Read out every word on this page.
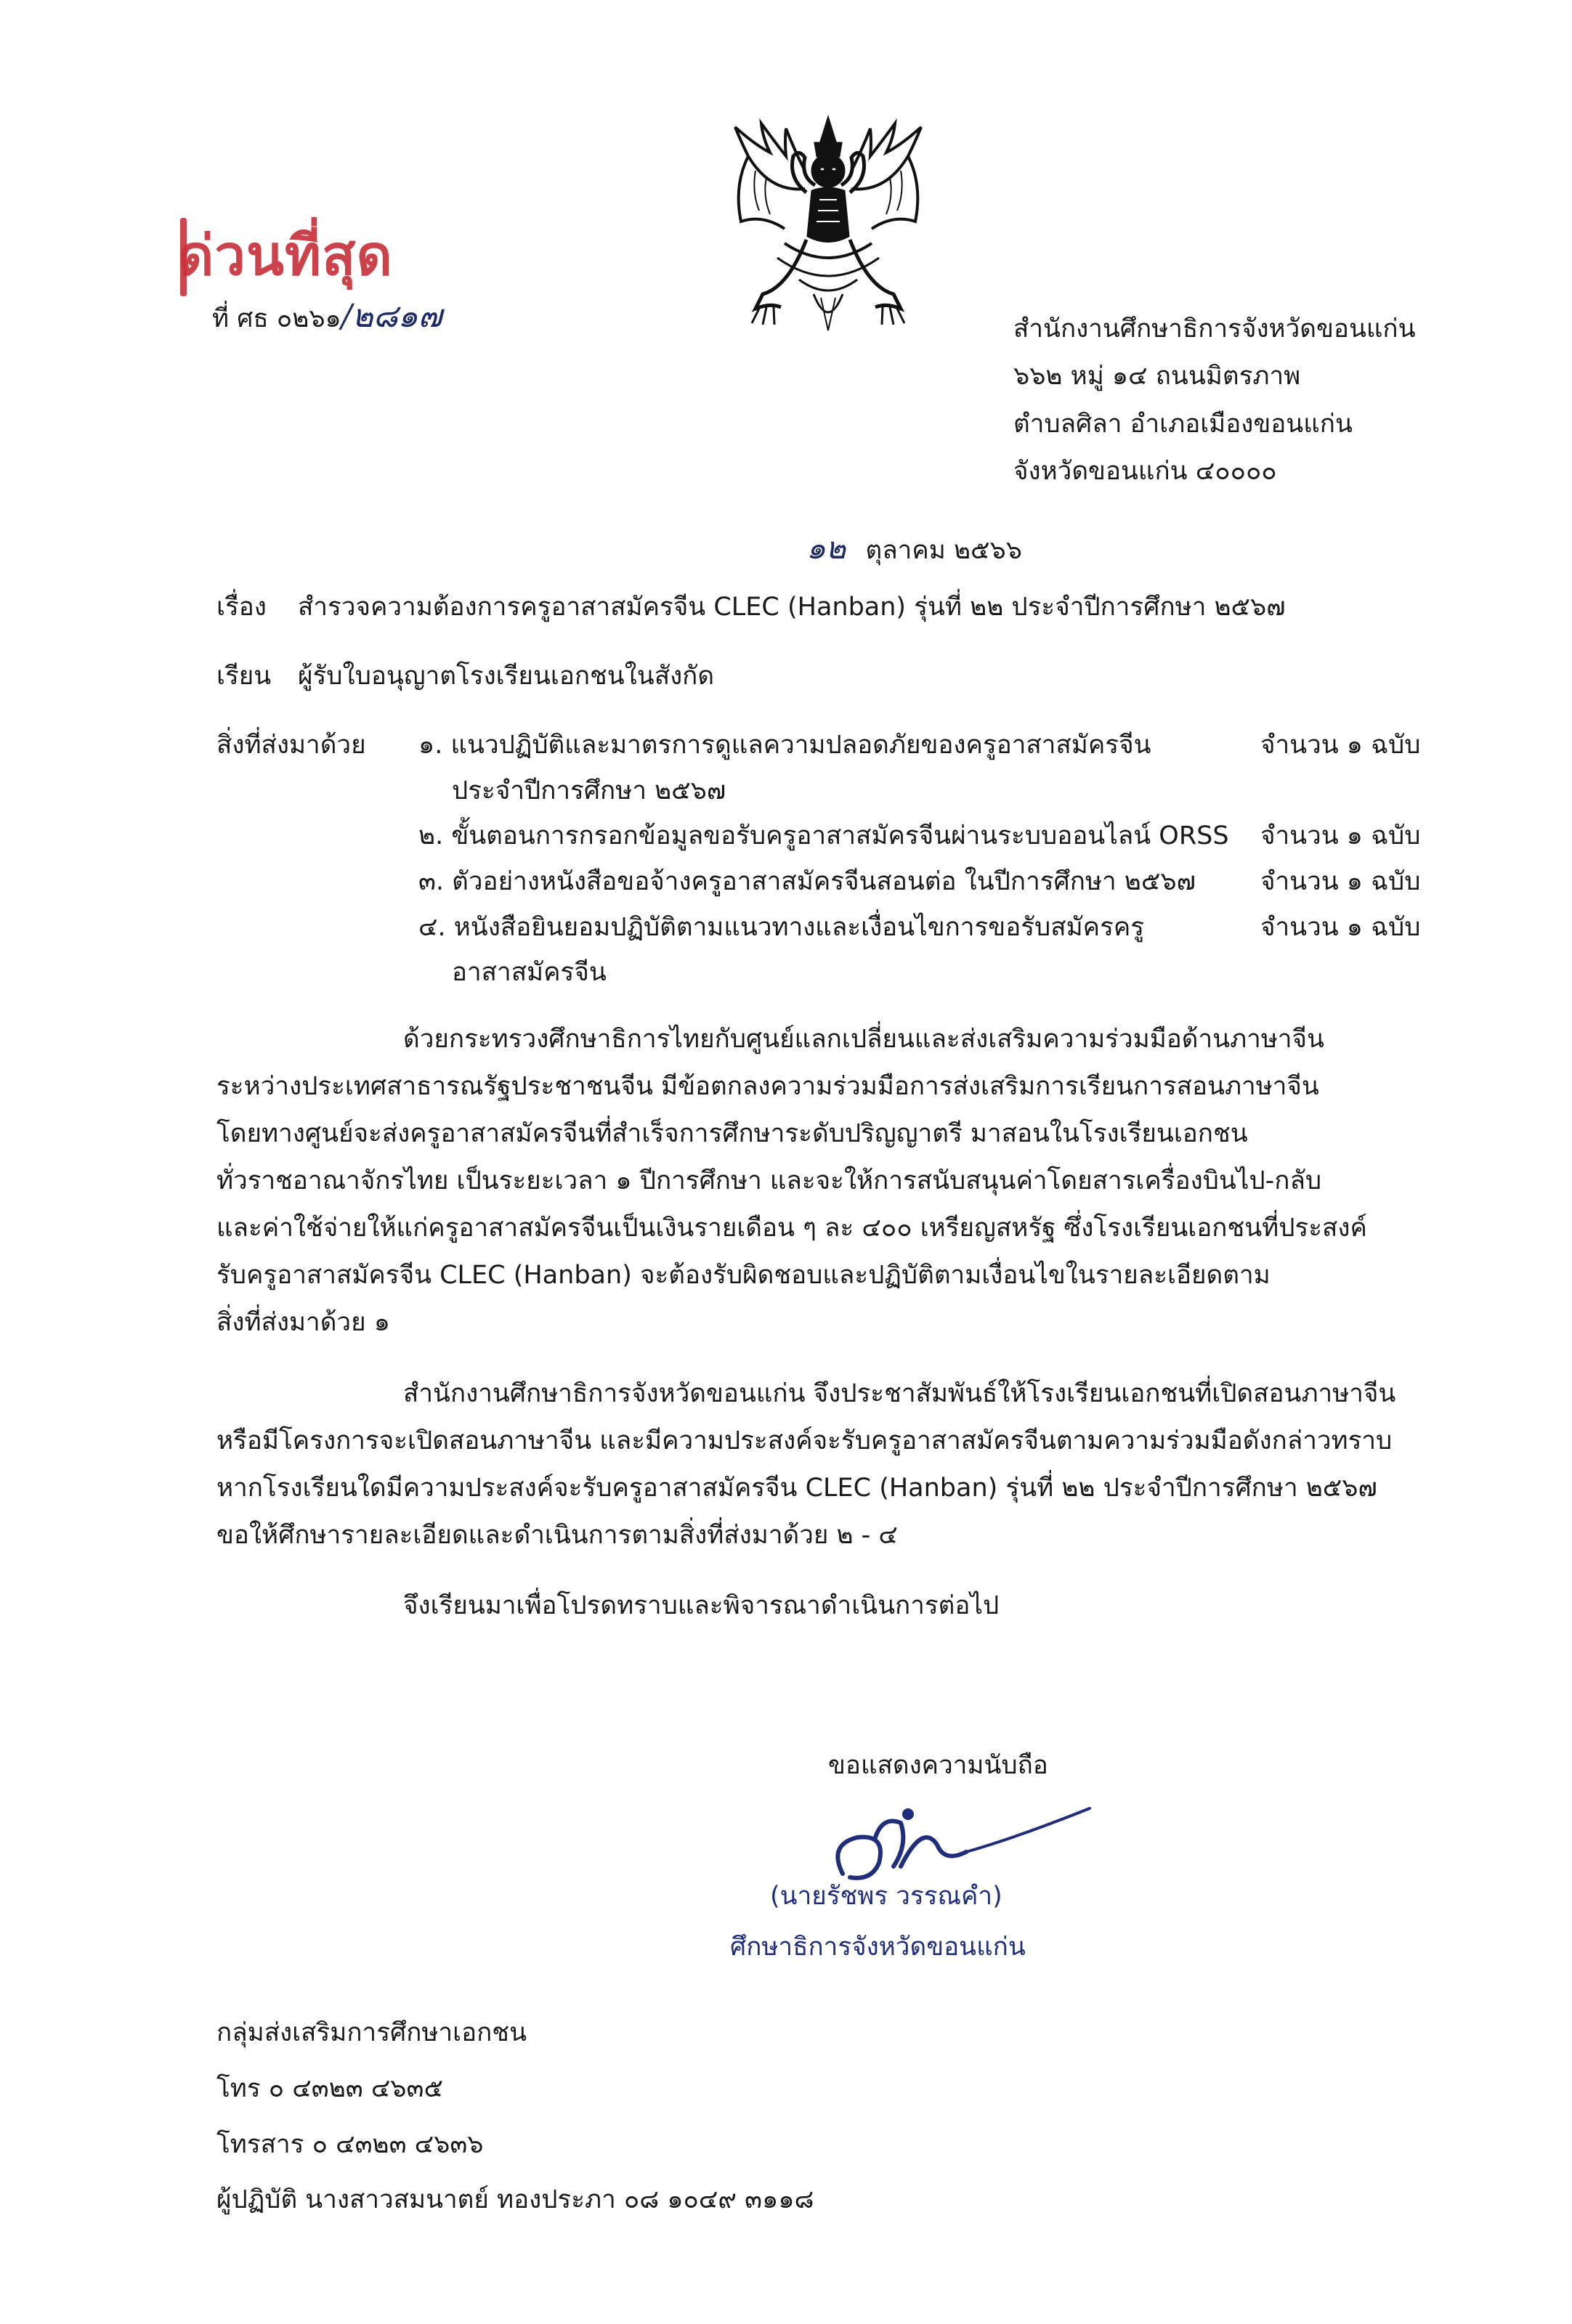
ด่วนที่สุด
ที่ ศธ ๐๒๖๑/๒๘๑๗	สำนักงานศึกษาธิการจังหวัดขอนแก่น
๖๖๒ หมู่ ๑๔ ถนนมิตรภาพ
ตำบลศิลา อำเภอเมืองขอนแก่น
จังหวัดขอนแก่น ๔๐๐๐๐
๑๒ ตุลาคม ๒๕๖๖
เรื่อง สำรวจความต้องการครูอาสาสมัครจีน CLEC (Hanban) รุ่นที่ ๒๒ ประจำปีการศึกษา ๒๕๖๗
เรียน ผู้รับใบอนุญาตโรงเรียนเอกชนในสังกัด
สิ่งที่ส่งมาด้วย ๑. แนวปฏิบัติและมาตรการดูแลความปลอดภัยของครูอาสาสมัครจีน	จำนวน ๑ ฉบับ
ประจำปีการศึกษา ๒๕๖๗
๒. ขั้นตอนการกรอกข้อมูลขอรับครูอาสาสมัครจีนผ่านระบบออนไลน์ ORSS จำนวน ๑ ฉบับ
๓. ตัวอย่างหนังสือขอจ้างครูอาสาสมัครจีนสอนต่อ ในปีการศึกษา ๒๕๖๗	จำนวน ๑ ฉบับ
๔. หนังสือยินยอมปฏิบัติตามแนวทางและเงื่อนไขการขอรับสมัครครู	จำนวน ๑ ฉบับ
อาสาสมัครจีน
ด้วยกระทรวงศึกษาธิการไทยกับศูนย์แลกเปลี่ยนและส่งเสริมความร่วมมือด้านภาษาจีน
ระหว่างประเทศสาธารณรัฐประชาชนจีน มีข้อตกลงความร่วมมือการส่งเสริมการเรียนการสอนภาษาจีน
โดยทางศูนย์จะส่งครูอาสาสมัครจีนที่สำเร็จการศึกษาระดับปริญญาตรี มาสอนในโรงเรียนเอกชน
ทั่วราชอาณาจักรไทย เป็นระยะเวลา ๑ ปีการศึกษา และจะให้การสนับสนุนค่าโดยสารเครื่องบินไป-กลับ
และค่าใช้จ่ายให้แก่ครูอาสาสมัครจีนเป็นเงินรายเดือน ๆ ละ ๔๐๐ เหรียญสหรัฐ ซึ่งโรงเรียนเอกชนที่ประสงค์
รับครูอาสาสมัครจีน CLEC (Hanban) จะต้องรับผิดชอบและปฏิบัติตามเงื่อนไขในรายละเอียดตาม
สิ่งที่ส่งมาด้วย ๑
สำนักงานศึกษาธิการจังหวัดขอนแก่น จึงประชาสัมพันธ์ให้โรงเรียนเอกชนที่เปิดสอนภาษาจีน
หรือมีโครงการจะเปิดสอนภาษาจีน และมีความประสงค์จะรับครูอาสาสมัครจีนตามความร่วมมือดังกล่าวทราบ
หากโรงเรียนใดมีความประสงค์จะรับครูอาสาสมัครจีน CLEC (Hanban) รุ่นที่ ๒๒ ประจำปีการศึกษา ๒๕๖๗
ขอให้ศึกษารายละเอียดและดำเนินการตามสิ่งที่ส่งมาด้วย ๒ - ๔
จึงเรียนมาเพื่อโปรดทราบและพิจารณาดำเนินการต่อไป
ขอแสดงความนับถือ
(นายรัชพร วรรณคำ)
ศึกษาธิการจังหวัดขอนแก่น
กลุ่มส่งเสริมการศึกษาเอกชน
โทร ๐ ๔๓๒๓ ๔๖๓๕
โทรสาร ๐ ๔๓๒๓ ๔๖๓๖
ผู้ปฏิบัติ นางสาวสมนาตย์ ทองประภา ๐๘ ๑๐๔๙ ๓๑๑๘
